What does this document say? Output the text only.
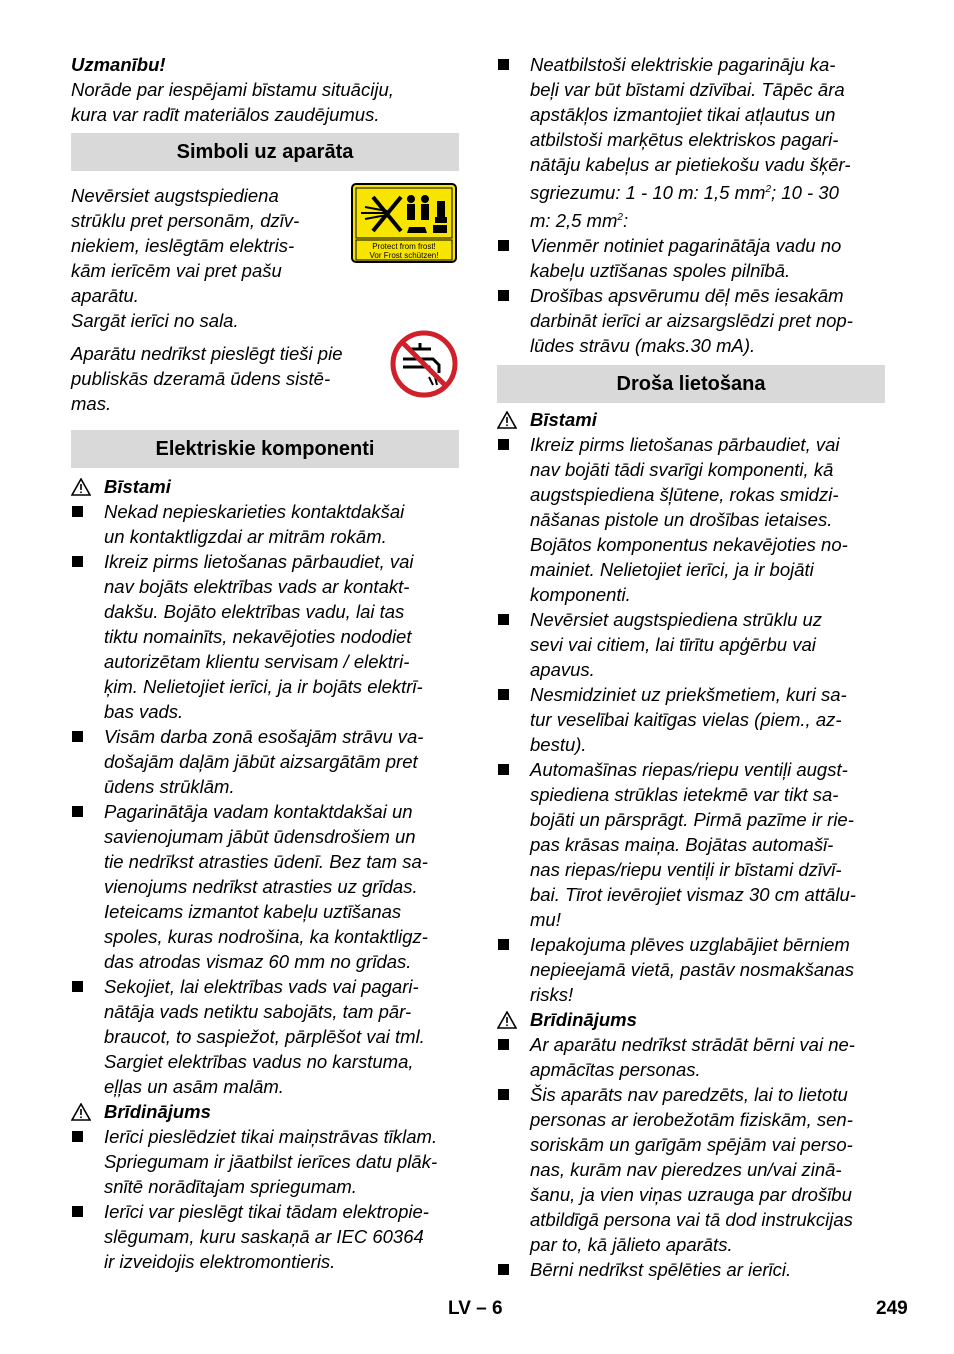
Uzmanību!

Norāde par iespējami bīstamu situāciju,

kura var radīt materiālos zaudējumus.

Simboli uz aparāta

Nevērsiet augstspiediena

strūklu pret personām, dzīv-

niekiem, ieslēgtām elektris-

kām ierīcēm vai pret pašu

aparātu.

Sargāt ierīci no sala.

Protect from frost!
Vor Frost schützen!

Aparātu nedrīkst pieslēgt tieši pie

publiskās dzeramā ūdens sistē-

mas.

Elektriskie komponenti
Bīstami
Nekad nepieskarieties kontaktdakšai
un kontaktligzdai ar mitrām rokām.
Ikreiz pirms lietošanas pārbaudiet, vai
nav bojāts elektrības vads ar kontakt-
dakšu. Bojāto elektrības vadu, lai tas
tiktu nomainīts, nekavējoties nododiet
autorizētam klientu servisam / elektri-
ķim. Nelietojiet ierīci, ja ir bojāts elektrī-
bas vads.
Visām darba zonā esošajām strāvu va-
došajām daļām jābūt aizsargātām pret
ūdens strūklām.
Pagarinātāja vadam kontaktdakšai un
savienojumam jābūt ūdensdrošiem un
tie nedrīkst atrasties ūdenī. Bez tam sa-
vienojums nedrīkst atrasties uz grīdas.
Ieteicams izmantot kabeļu uztīšanas
spoles, kuras nodrošina, ka kontaktligz-
das atrodas vismaz 60 mm no grīdas.
Sekojiet, lai elektrības vads vai pagari-
nātāja vads netiktu sabojāts, tam pār-
braucot, to saspiežot, pārplēšot vai tml.
Sargiet elektrības vadus no karstuma,
eļļas un asām malām.
Brīdinājums
Ierīci pieslēdziet tikai maiņstrāvas tīklam.
Spriegumam ir jāatbilst ierīces datu plāk-
snītē norādītajam spriegumam.
Ierīci var pieslēgt tikai tādam elektropie-
slēgumam, kuru saskaņā ar IEC 60364
ir izveidojis elektromontieris.
Neatbilstoši elektriskie pagarināju ka-
beļi var būt bīstami dzīvībai. Tāpēc āra
apstākļos izmantojiet tikai atļautus un
atbilstoši marķētus elektriskos pagari-
nātāju kabeļus ar pietiekošu vadu šķēr-
sgriezumu: 1 - 10 m: 1,5 $mm^2$; 10 - 30
m: 2,5 $mm^2$:
Vienmēr notiniet pagarinātāja vadu no
kabeļu uztīšanas spoles pilnībā.
Drošības apsvērumu dēļ mēs iesakām
darbināt ierīci ar aizsargslēdzi pret nop-
lūdes strāvu (maks.30 mA).
Droša lietošana
Bīstami
Ikreiz pirms lietošanas pārbaudiet, vai
nav bojāti tādi svarīgi komponenti, kā
augstspiediena šļūtene, rokas smidzi-
nāšanas pistole un drošības ietaises.
Bojātos komponentus nekavējoties no-
mainiet. Nelietojiet ierīci, ja ir bojāti
komponenti.
Nevērsiet augstspiediena strūklu uz
sevi vai citiem, lai tīrītu apģērbu vai
apavus.
Nesmidziniet uz priekšmetiem, kuri sa-
tur veselībai kaitīgas vielas (piem., az-
bestu).
Automašīnas riepas/riepu ventiļi augst-
spiediena strūklas ietekmē var tikt sa-
bojāti un pārsprāgt. Pirmā pazīme ir rie-
pas krāsas maiņa. Bojātas automašī-
nas riepas/riepu ventiļi ir bīstami dzīvī-
bai. Tīrot ievērojiet vismaz 30 cm attālu-
mu!
Iepakojuma plēves uzglabājiet bērniem
nepieejamā vietā, pastāv nosmakšanas
risks!
Brīdinājums
Ar aparātu nedrīkst strādāt bērni vai ne-
apmācītas personas.
Šis aparāts nav paredzēts, lai to lietotu
personas ar ierobežotām fiziskām, sen-
soriskām un garīgām spējām vai perso-
nas, kurām nav pieredzes un/vai zinā-
šanu, ja vien viņas uzrauga par drošību
atbildīgā persona vai tā dod instrukcijas
par to, kā jālieto aparāts.
Bērni nedrīkst spēlēties ar ierīci.
LV – 6	249
